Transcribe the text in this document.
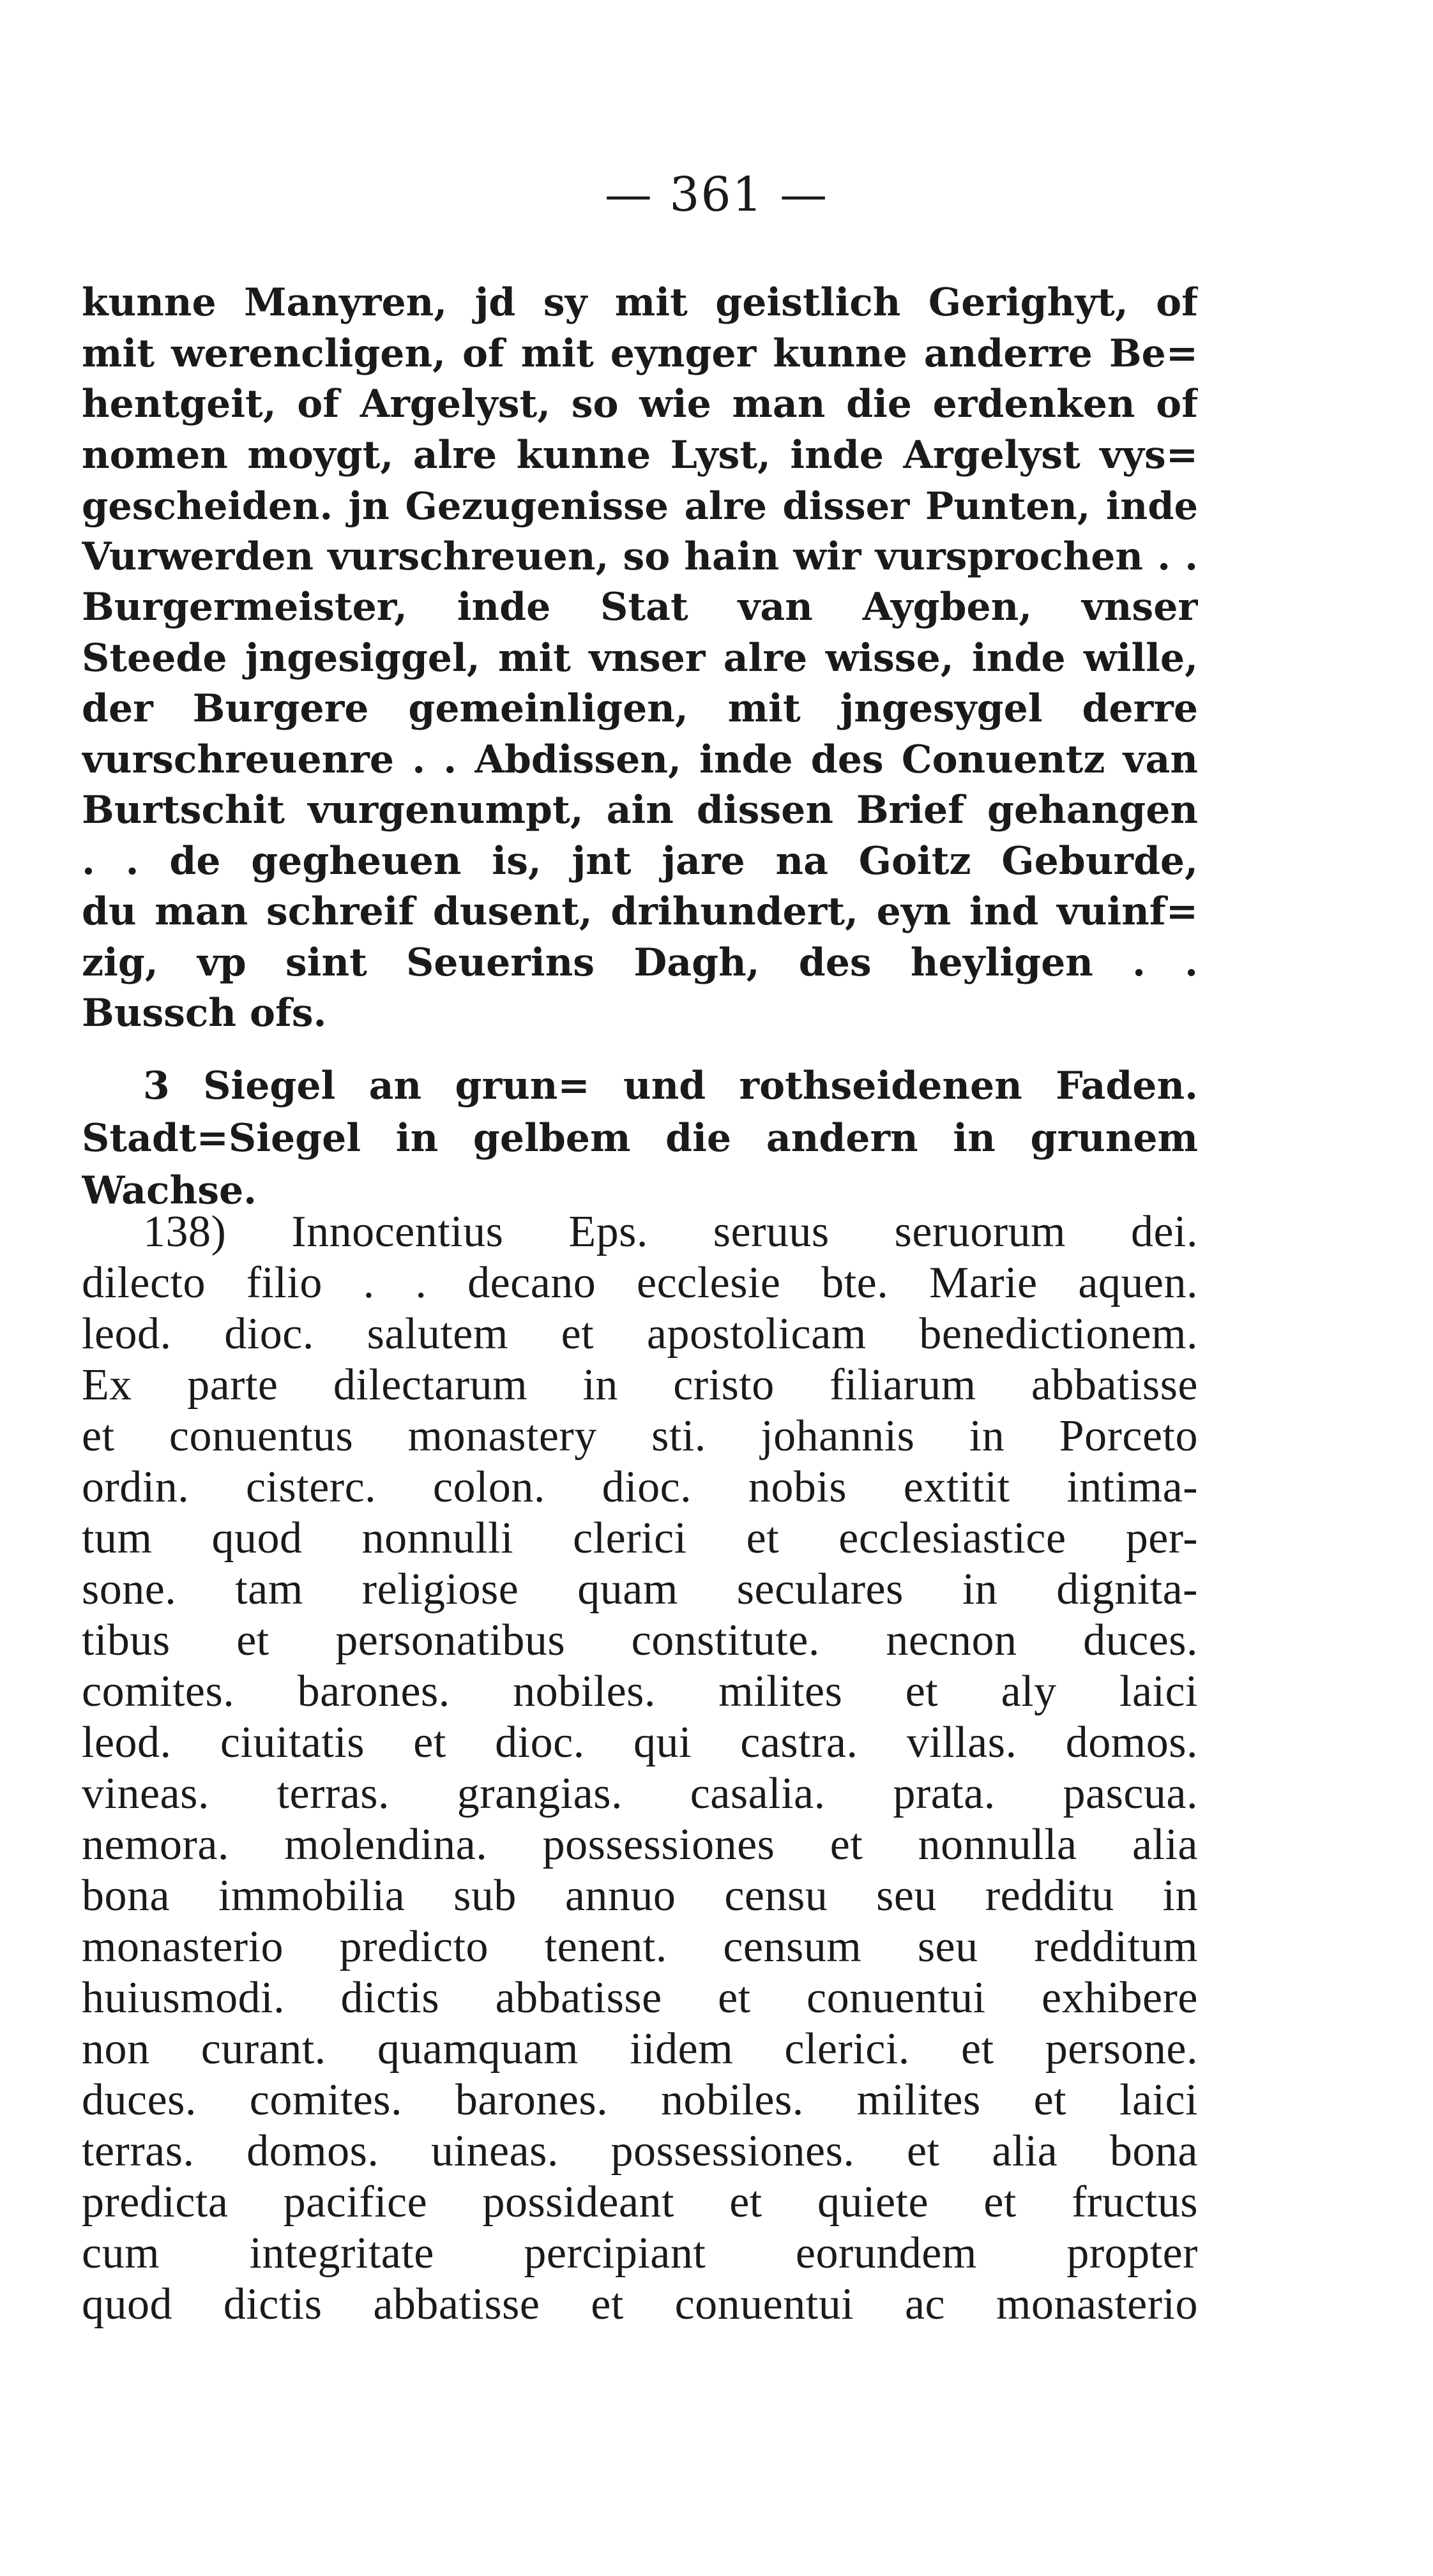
— 361 —
kunne Manyren, jd sy mit geistlich Gerighyt, of
mit werencligen, of mit eynger kunne anderre Be=
hentgeit, of Argelyst, so wie man die erdenken of
nomen moygt, alre kunne Lyst, inde Argelyst vys=
gescheiden. jn Gezugenisse alre disser Punten, inde
Vurwerden vurschreuen, so hain wir vursprochen . .
Burgermeister, inde Stat van Aygben, vnser
Steede jngesiggel, mit vnser alre wisse, inde wille,
der Burgere gemeinligen, mit jngesygel derre
vurschreuenre . . Abdissen, inde des Conuentz van
Burtschit vurgenumpt, ain dissen Brief gehangen
. . de gegheuen is, jnt jare na Goitz Geburde,
du man schreif dusent, drihundert, eyn ind vuinf=
zig, vp sint Seuerins Dagh, des heyligen . .
Bussch ofs.
3 Siegel an grun= und rothseidenen Faden.
Stadt=Siegel in gelbem die andern in grunem
Wachse.
138) Innocentius Eps. seruus seruorum dei.
dilecto filio . . decano ecclesie bte. Marie aquen.
leod. dioc. salutem et apostolicam benedictionem.
Ex parte dilectarum in cristo filiarum abbatisse
et conuentus monastery sti. johannis in Porceto
ordin. cisterc. colon. dioc. nobis extitit intima-
tum quod nonnulli clerici et ecclesiastice per-
sone. tam religiose quam seculares in dignita-
tibus et personatibus constitute. necnon duces.
comites. barones. nobiles. milites et aly laici
leod. ciuitatis et dioc. qui castra. villas. domos.
vineas. terras. grangias. casalia. prata. pascua.
nemora. molendina. possessiones et nonnulla alia
bona immobilia sub annuo censu seu redditu in
monasterio predicto tenent. censum seu redditum
huiusmodi. dictis abbatisse et conuentui exhibere
non curant. quamquam iidem clerici. et persone.
duces. comites. barones. nobiles. milites et laici
terras. domos. uineas. possessiones. et alia bona
predicta pacifice possideant et quiete et fructus
cum integritate percipiant eorundem propter
quod dictis abbatisse et conuentui ac monasterio
